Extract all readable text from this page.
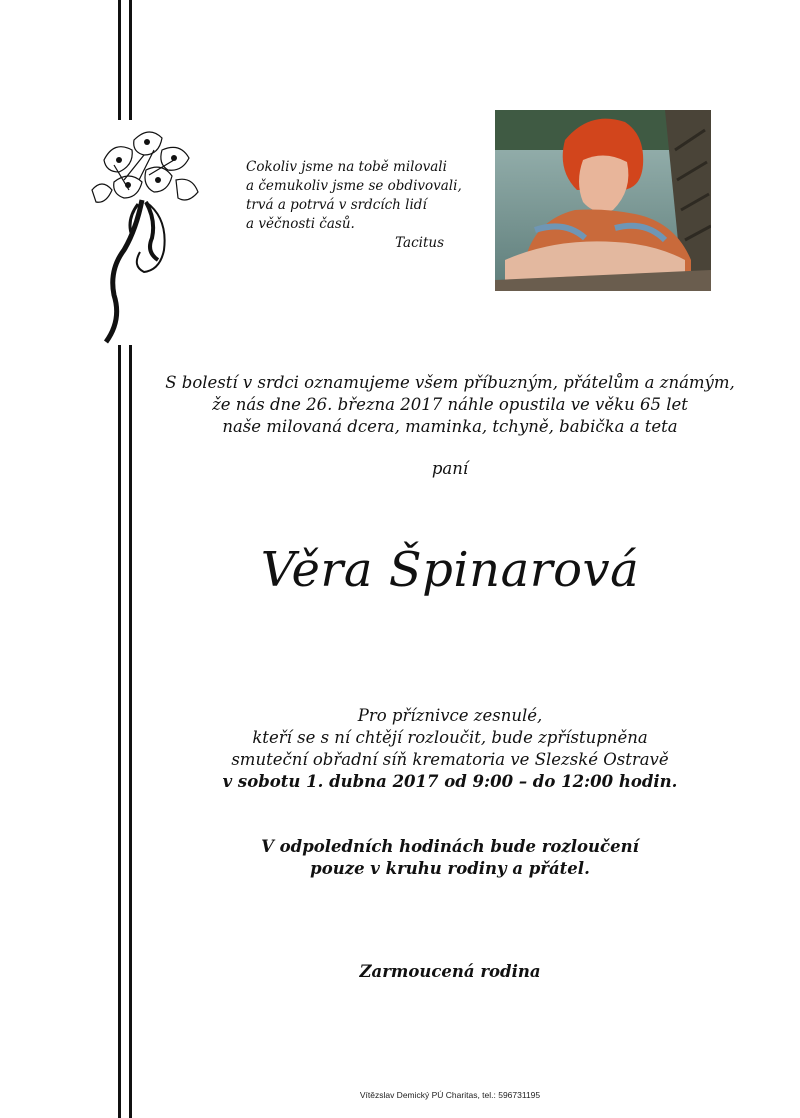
Cokoliv jsme na tobě milovali
a čemukoliv jsme se obdivovali,
trvá a potrvá v srdcích lidí
a věčnosti časů.
Tacitus
S bolestí v srdci oznamujeme všem příbuzným, přátelům a známým,
že nás dne 26. března 2017 náhle opustila ve věku 65 let
naše milovaná dcera, maminka, tchyně, babička a teta
paní
Věra Špinarová
Pro příznivce zesnulé,
kteří se s ní chtějí rozloučit, bude zpřístupněna
smuteční obřadní síň krematoria ve Slezské Ostravě
v sobotu 1. dubna 2017 od 9:00 – do 12:00 hodin.
V odpoledních hodinách bude rozloučení
pouze v kruhu rodiny a přátel.
Zarmoucená rodina
Vítězslav Demický PÚ Charitas, tel.: 596731195
